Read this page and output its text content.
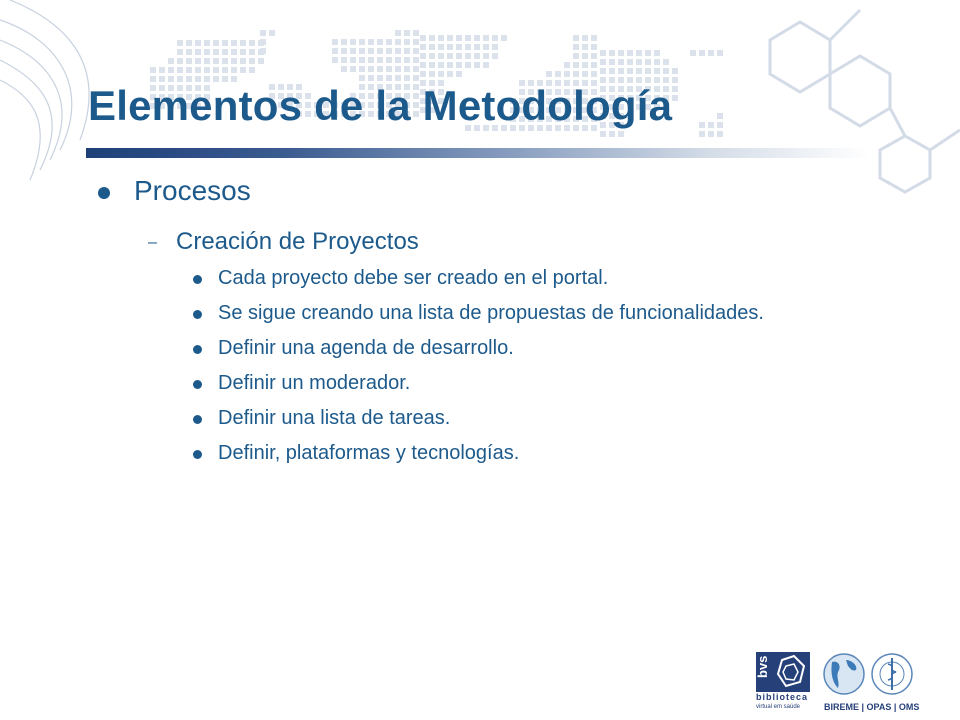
Elementos de la Metodología
Procesos
– Creación de Proyectos
Cada proyecto debe ser creado en el portal.
Se sigue creando una lista de propuestas de funcionalidades.
Definir una agenda de desarrollo.
Definir un moderador.
Definir una lista de tareas.
Definir, plataformas y tecnologías.
bvs
biblioteca
virtual em saúde	BIREME | OPAS | OMS
